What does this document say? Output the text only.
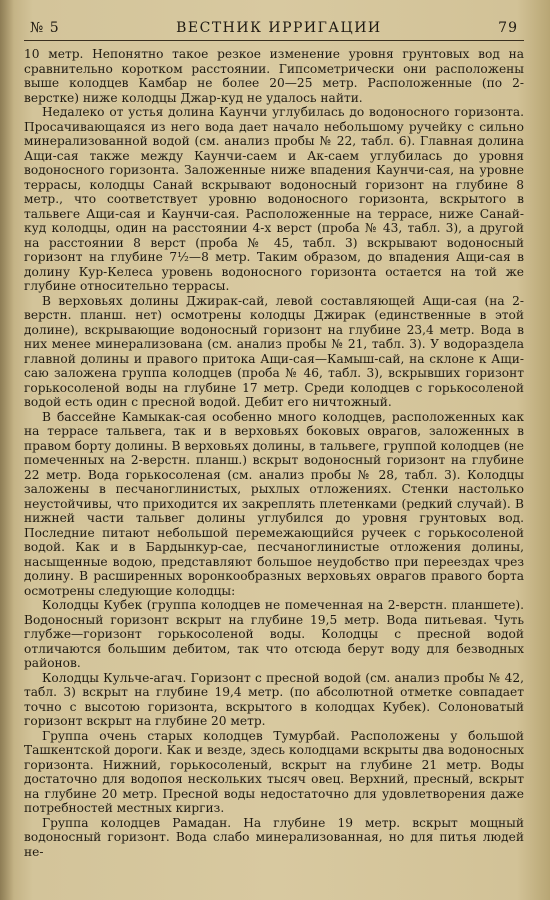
№ 5	ВЕСТНИК ИРРИГАЦИИ	79

10 метр. Непонятно такое резкое изменение уровня грунтовых вод на сравнительно коротком расстоянии. Гипсометрически они расположены выше колодцев Камбар не более 20—25 метр. Расположенные (по 2-верстке) ниже колодцы Джар-куд не удалось найти.

Недалеко от устья долина Каунчи углубилась до водоносного горизонта. Просачивающаяся из него вода дает начало небольшому ручейку с сильно минерализованной водой (см. анализ пробы № 22, табл. 6). Главная долина Ащи-сая также между Каунчи-саем и Ак-саем углубилась до уровня водоносного горизонта. Заложенные ниже впадения Каунчи-сая, на уровне террасы, колодцы Санай вскрывают водоносный горизонт на глубине 8 метр., что соответствует уровню водоносного горизонта, вскрытого в тальвеге Ащи-сая и Каунчи-сая. Расположенные на террасе, ниже Санай-куд колодцы, один на расстоянии 4-х верст (проба № 43, табл. 3), а другой на расстоянии 8 верст (проба № 45, табл. 3) вскрывают водоносный горизонт на глубине 7½—8 метр. Таким образом, до впадения Ащи-сая в долину Кур-Келеса уровень водоносного горизонта остается на той же глубине относительно террасы.

В верховьях долины Джирак-сай, левой составляющей Ащи-сая (на 2-верстн. планш. нет) осмотрены колодцы Джирак (единственные в этой долине), вскрывающие водоносный горизонт на глубине 23,4 метр. Вода в них менее минерализована (см. анализ пробы № 21, табл. 3). У водораздела главной долины и правого притока Ащи-сая—Камыш-сай, на склоне к Ащи-саю заложена группа колодцев (проба № 46, табл. 3), вскрывших горизонт горькосоленой воды на глубине 17 метр. Среди колодцев с горькосоленой водой есть один с пресной водой. Дебит его ничтожный.

В бассейне Камыкак-сая особенно много колодцев, расположенных как на террасе тальвега, так и в верховьях боковых оврагов, заложенных в правом борту долины. В верховьях долины, в тальвеге, группой колодцев (не помеченных на 2-верстн. планш.) вскрыт водоносный горизонт на глубине 22 метр. Вода горькосоленая (см. анализ пробы № 28, табл. 3). Колодцы заложены в песчаноглинистых, рыхлых отложениях. Стенки настолько неустойчивы, что приходится их закреплять плетенками (редкий случай). В нижней части тальвег долины углубился до уровня грунтовых вод. Последние питают небольшой перемежающийся ручеек с горькосоленой водой. Как и в Бардынкур-сае, песчаноглинистые отложения долины, насыщенные водою, представляют большое неудобство при переездах чрез долину. В расширенных воронкообразных верховьях оврагов правого борта осмотрены следующие колодцы:

Колодцы Кубек (группа колодцев не помеченная на 2-верстн. планшете). Водоносный горизонт вскрыт на глубине 19,5 метр. Вода питьевая. Чуть глубже—горизонт горькосоленой воды. Колодцы с пресной водой отличаются большим дебитом, так что отсюда берут воду для безводных районов.

Колодцы Кульче-агач. Горизонт с пресной водой (см. анализ пробы № 42, табл. 3) вскрыт на глубине 19,4 метр. (по абсолютной отметке совпадает точно с высотою горизонта, вскрытого в колодцах Кубек). Солоноватый горизонт вскрыт на глубине 20 метр.

Группа очень старых колодцев Тумурбай. Расположены у большой Ташкентской дороги. Как и везде, здесь колодцами вскрыты два водоносных горизонта. Нижний, горькосоленый, вскрыт на глубине 21 метр. Воды достаточно для водопоя нескольких тысяч овец. Верхний, пресный, вскрыт на глубине 20 метр. Пресной воды недостаточно для удовлетворения даже потребностей местных киргиз.

Группа колодцев Рамадан. На глубине 19 метр. вскрыт мощный водоносный горизонт. Вода слабо минерализованная, но для питья людей не-
